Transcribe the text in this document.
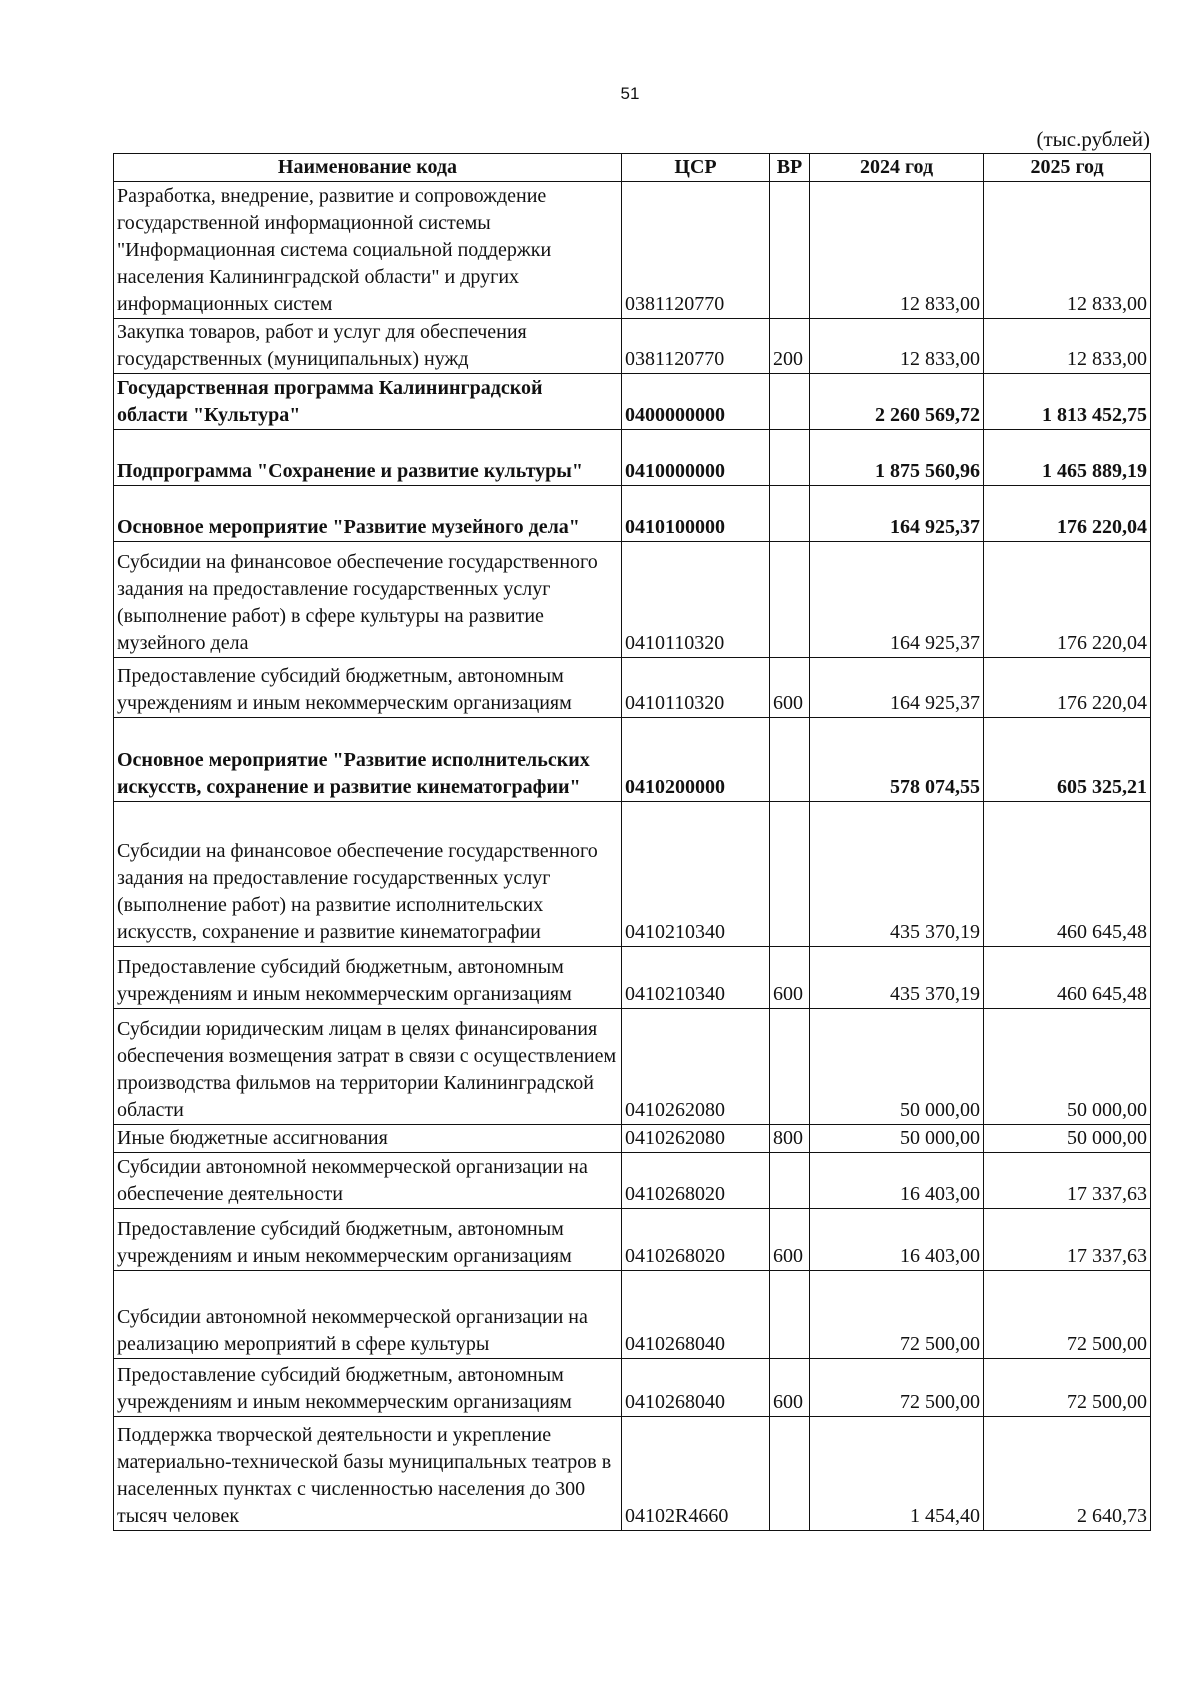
51
(тыс.рублей)
Наименование кода	ЦСР	ВР	2024 год	2025 год
Разработка, внедрение, развитие и сопровождение государственной информационной системы "Информационная система социальной поддержки населения Калининградской области" и других информационных систем	0381120770		12 833,00	12 833,00
Закупка товаров, работ и услуг для обеспечения государственных (муниципальных) нужд	0381120770	200	12 833,00	12 833,00
Государственная программа Калининградской области "Культура"	0400000000		2 260 569,72	1 813 452,75
Подпрограмма "Сохранение и развитие культуры"	0410000000		1 875 560,96	1 465 889,19
Основное мероприятие "Развитие музейного дела"	0410100000		164 925,37	176 220,04
Субсидии на финансовое обеспечение государственного задания на предоставление государственных услуг (выполнение работ) в сфере культуры на развитие музейного дела	0410110320		164 925,37	176 220,04
Предоставление субсидий бюджетным, автономным учреждениям и иным некоммерческим организациям	0410110320	600	164 925,37	176 220,04
Основное мероприятие "Развитие исполнительских искусств, сохранение и развитие кинематографии"	0410200000		578 074,55	605 325,21
Субсидии на финансовое обеспечение государственного задания на предоставление государственных услуг (выполнение работ) на развитие исполнительских искусств, сохранение и развитие кинематографии	0410210340		435 370,19	460 645,48
Предоставление субсидий бюджетным, автономным учреждениям и иным некоммерческим организациям	0410210340	600	435 370,19	460 645,48
Субсидии юридическим лицам в целях финансирования обеспечения возмещения затрат в связи с осуществлением производства фильмов на территории Калининградской области	0410262080		50 000,00	50 000,00
Иные бюджетные ассигнования	0410262080	800	50 000,00	50 000,00
Субсидии автономной некоммерческой организации на обеспечение деятельности	0410268020		16 403,00	17 337,63
Предоставление субсидий бюджетным, автономным учреждениям и иным некоммерческим организациям	0410268020	600	16 403,00	17 337,63
Субсидии автономной некоммерческой организации на реализацию мероприятий в сфере культуры	0410268040		72 500,00	72 500,00
Предоставление субсидий бюджетным, автономным учреждениям и иным некоммерческим организациям	0410268040	600	72 500,00	72 500,00
Поддержка творческой деятельности и укрепление материально-технической базы муниципальных театров в населенных пунктах с численностью населения до 300 тысяч человек	04102R4660		1 454,40	2 640,73
